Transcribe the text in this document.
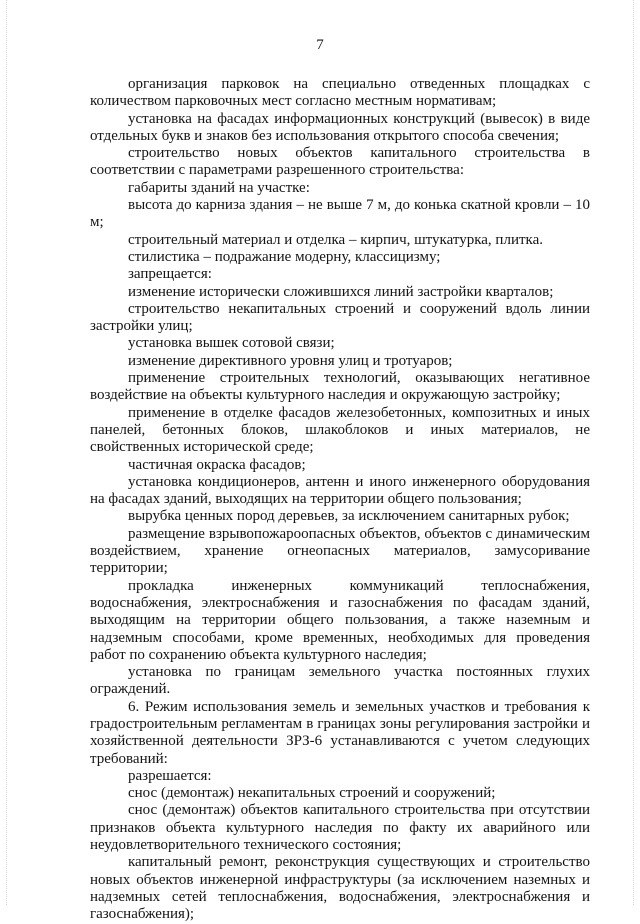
7

организация парковок на специально отведенных площадках с количеством парковочных мест согласно местным нормативам;

установка на фасадах информационных конструкций (вывесок) в виде отдельных букв и знаков без использования открытого способа свечения;

строительство новых объектов капитального строительства в соответствии с параметрами разрешенного строительства:

габариты зданий на участке:

высота до карниза здания – не выше 7 м, до конька скатной кровли – 10 м;

строительный материал и отделка – кирпич, штукатурка, плитка.

стилистика – подражание модерну, классицизму;

запрещается:

изменение исторически сложившихся линий застройки кварталов;

строительство некапитальных строений и сооружений вдоль линии застройки улиц;

установка вышек сотовой связи;

изменение директивного уровня улиц и тротуаров;

применение строительных технологий, оказывающих негативное воздействие на объекты культурного наследия и окружающую застройку;

применение в отделке фасадов железобетонных, композитных и иных панелей, бетонных блоков, шлакоблоков и иных материалов, не свойственных исторической среде;

частичная окраска фасадов;

установка кондиционеров, антенн и иного инженерного оборудования на фасадах зданий, выходящих на территории общего пользования;

вырубка ценных пород деревьев, за исключением санитарных рубок;

размещение взрывопожароопасных объектов, объектов с динамическим воздействием, хранение огнеопасных материалов, замусоривание территории;

прокладка инженерных коммуникаций теплоснабжения, водоснабжения, электроснабжения и газоснабжения по фасадам зданий, выходящим на территории общего пользования, а также наземным и надземным способами, кроме временных, необходимых для проведения работ по сохранению объекта культурного наследия;

установка по границам земельного участка постоянных глухих ограждений.

6. Режим использования земель и земельных участков и требования к градостроительным регламентам в границах зоны регулирования застройки и хозяйственной деятельности ЗРЗ-6 устанавливаются с учетом следующих требований:

разрешается:

снос (демонтаж) некапитальных строений и сооружений;

снос (демонтаж) объектов капитального строительства при отсутствии признаков объекта культурного наследия по факту их аварийного или неудовлетворительного технического состояния;

капитальный ремонт, реконструкция существующих и строительство новых объектов инженерной инфраструктуры (за исключением наземных и надземных сетей теплоснабжения, водоснабжения, электроснабжения и газоснабжения);
